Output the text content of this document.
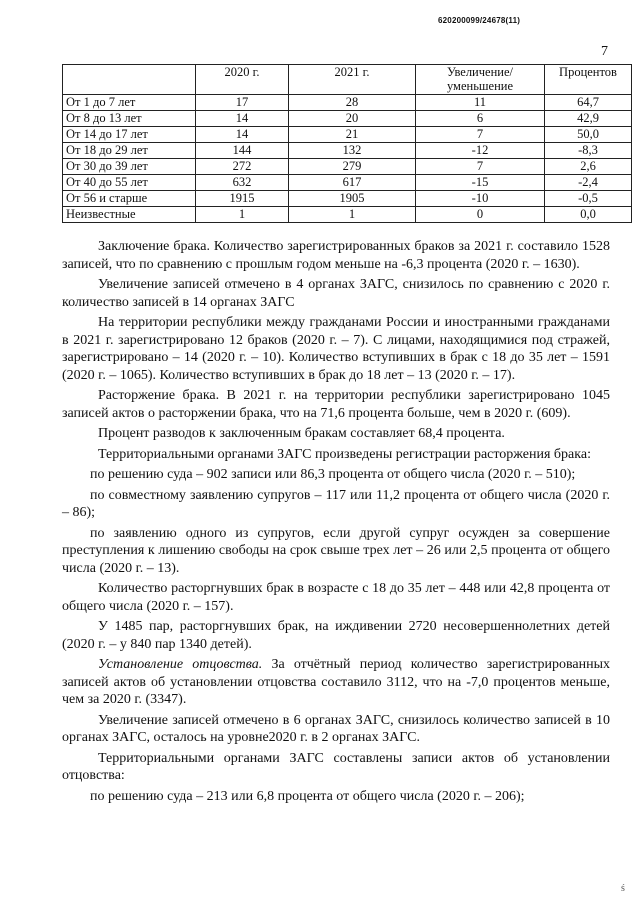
620200099/24678(11)
7
	2020 г.	2021 г.	Увеличение/ уменьшение	Процентов
От 1 до 7 лет	17	28	11	64,7
От 8 до 13 лет	14	20	6	42,9
От 14 до 17 лет	14	21	7	50,0
От 18 до 29 лет	144	132	-12	-8,3
От 30 до 39 лет	272	279	7	2,6
От 40 до 55 лет	632	617	-15	-2,4
От 56 и старше	1915	1905	-10	-0,5
Неизвестные	1	1	0	0,0

Заключение брака. Количество зарегистрированных браков за 2021 г. составило 1528 записей, что по сравнению с прошлым годом меньше на -6,3 процента (2020 г. – 1630).

Увеличение записей отмечено в 4 органах ЗАГС, снизилось по сравнению с 2020 г. количество записей в 14 органах ЗАГС

На территории республики между гражданами России и иностранными гражданами в 2021 г. зарегистрировано 12 браков (2020 г. – 7). С лицами, находящимися под стражей, зарегистрировано – 14 (2020 г. – 10). Количество вступивших в брак с 18 до 35 лет – 1591 (2020 г. – 1065). Количество вступивших в брак до 18 лет – 13 (2020 г. – 17).

Расторжение брака. В 2021 г. на территории республики зарегистрировано 1045 записей актов о расторжении брака, что на 71,6 процента больше, чем в 2020 г. (609).

Процент разводов к заключенным бракам составляет 68,4 процента.

Территориальными органами ЗАГС произведены регистрации расторжения брака:

по решению суда – 902 записи или 86,3 процента от общего числа (2020 г. – 510);

по совместному заявлению супругов – 117 или 11,2 процента от общего числа (2020 г. – 86);

по заявлению одного из супругов, если другой супруг осужден за совершение преступления к лишению свободы на срок свыше трех лет – 26 или 2,5 процента от общего числа (2020 г. – 13).

Количество расторгнувших брак в возрасте с 18 до 35 лет – 448 или 42,8 процента от общего числа (2020 г. – 157).

У 1485 пар, расторгнувших брак, на иждивении 2720 несовершеннолетних детей (2020 г. – у 840 пар 1340 детей).

Установление отцовства. За отчётный период количество зарегистрированных записей актов об установлении отцовства составило 3112, что на -7,0 процентов меньше, чем за 2020 г. (3347).

Увеличение записей отмечено в 6 органах ЗАГС, снизилось количество записей в 10 органах ЗАГС, осталось на уровне2020 г. в 2 органах ЗАГС.

Территориальными органами ЗАГС составлены записи актов об установлении отцовства:

по решению суда – 213 или 6,8 процента от общего числа (2020 г. – 206);

ś
